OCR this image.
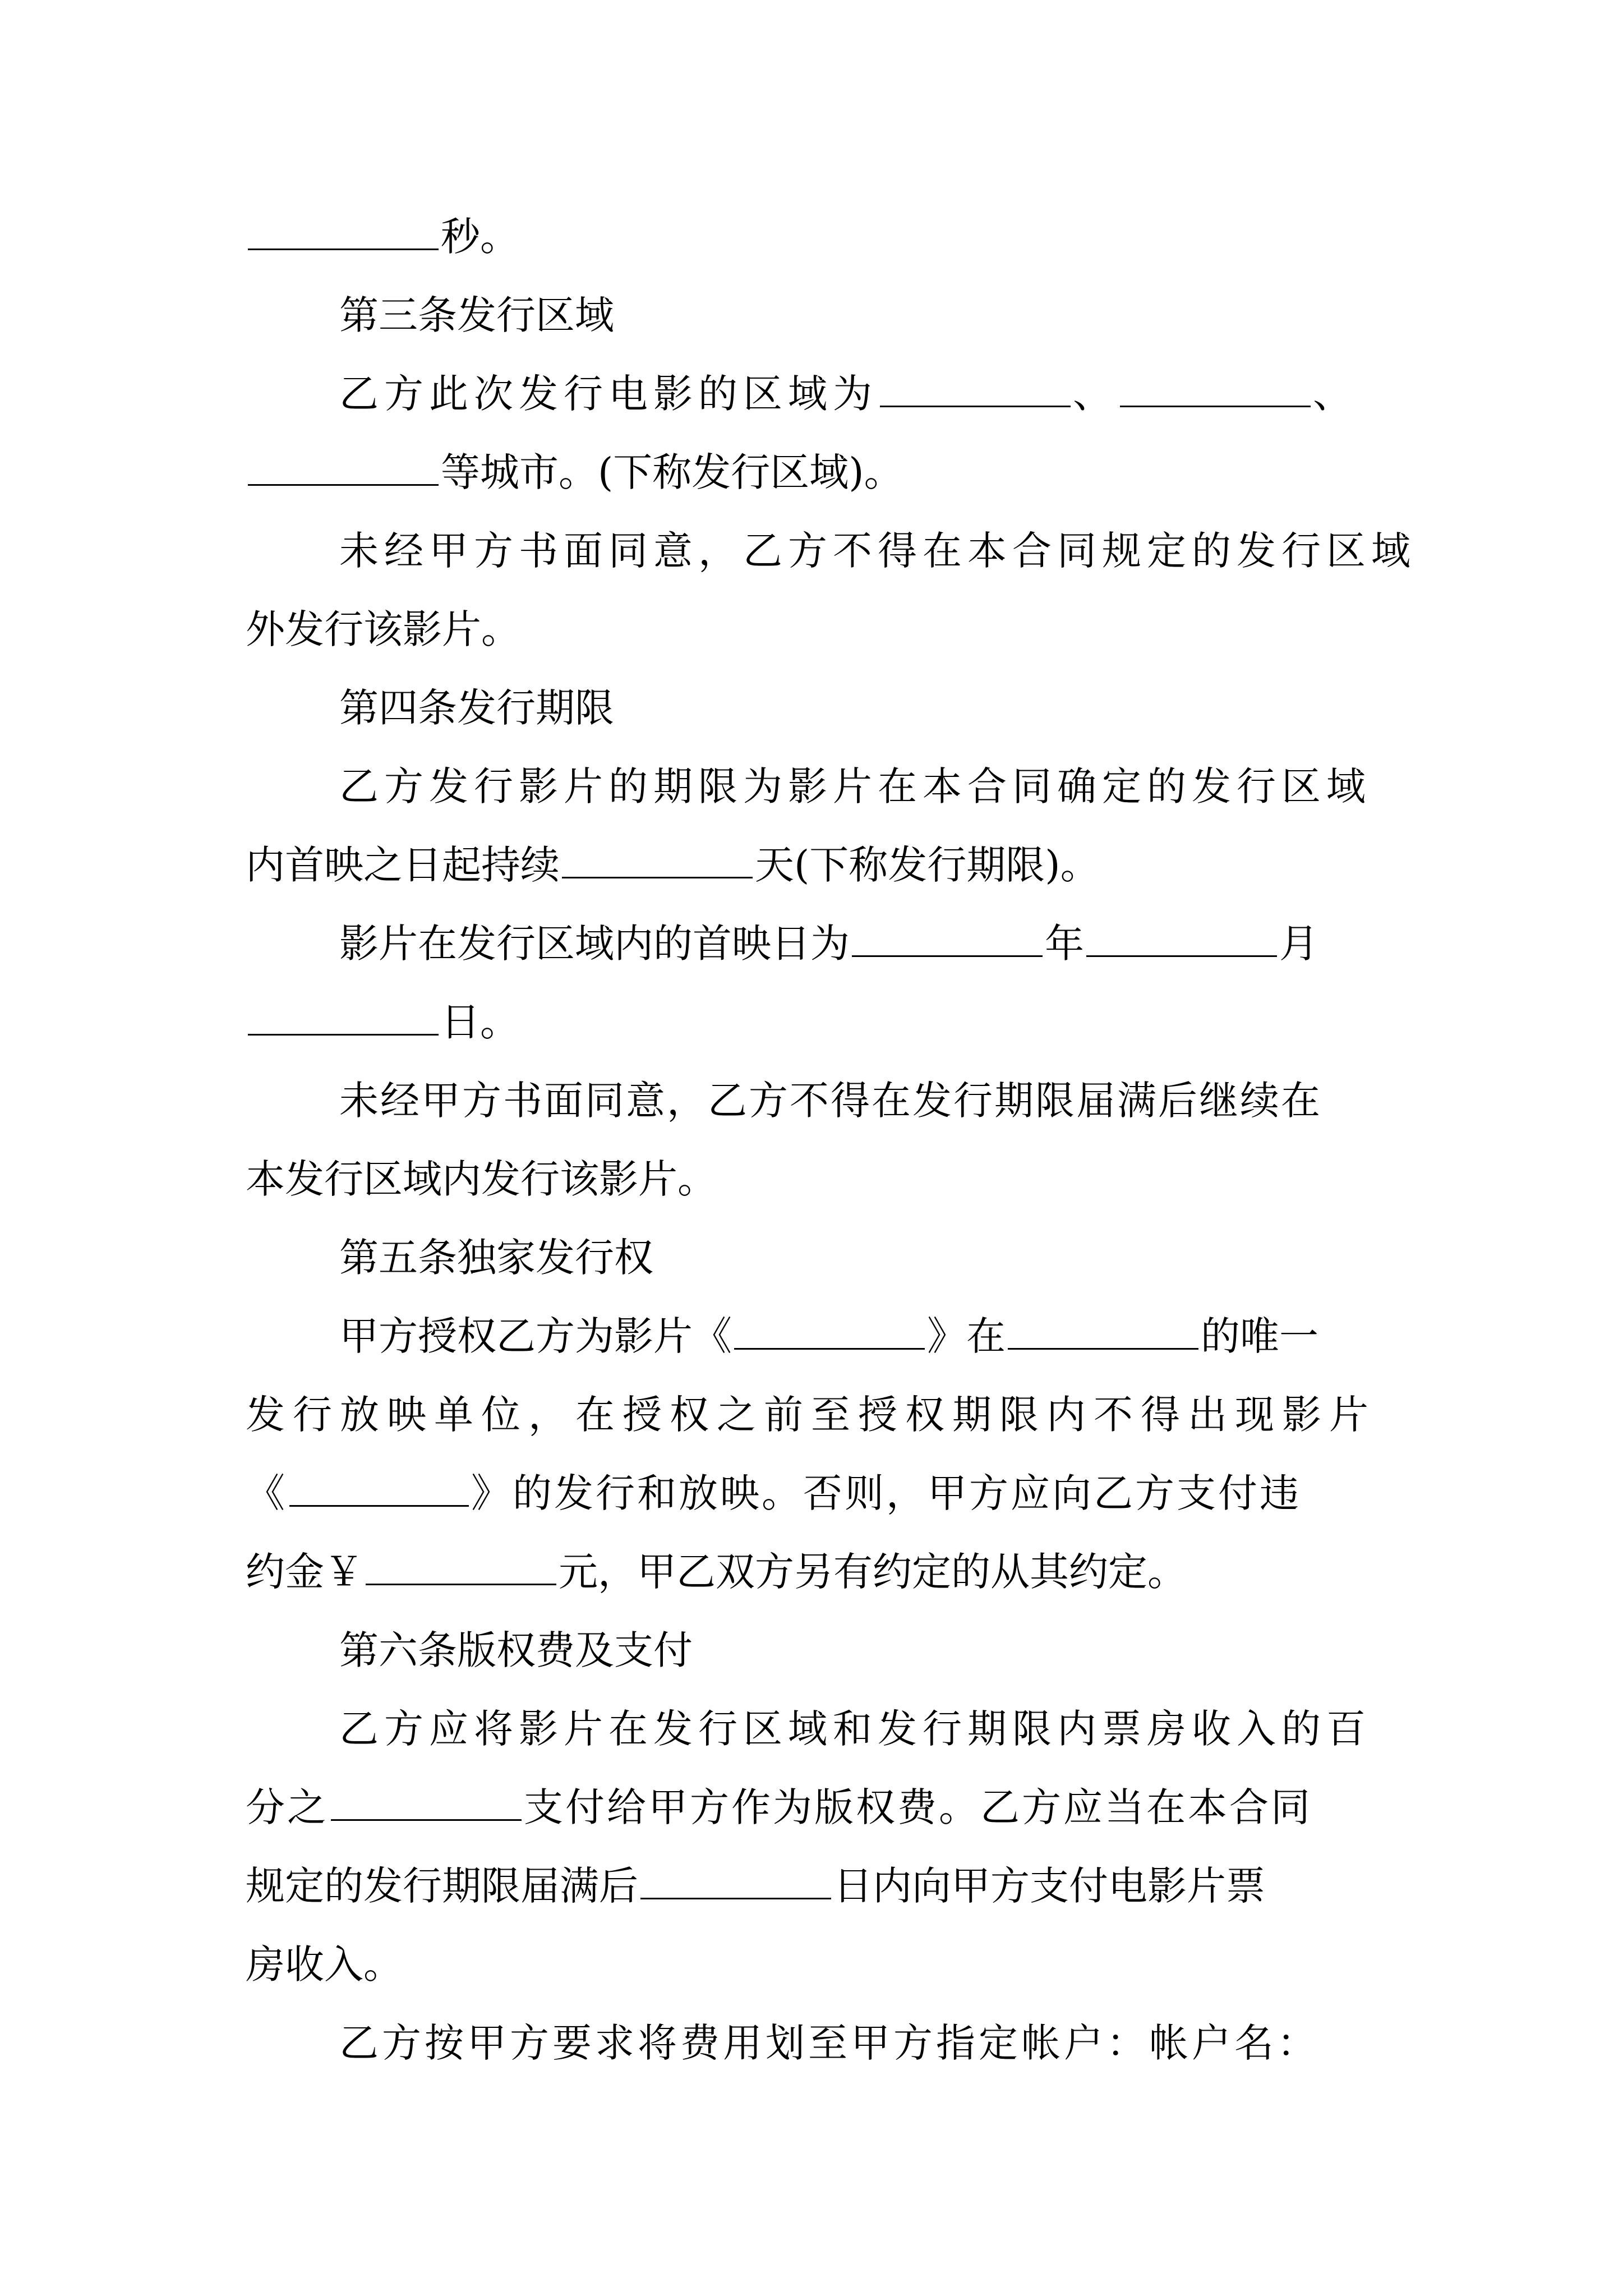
秒。
第三条发行区域
乙方此次发行电影的区域为	、	、
等城市。(下称发行区域)。
未经甲方书面同意，乙方不得在本合同规定的发行区域
外发行该影片。
第四条发行期限
乙方发行影片的期限为影片在本合同确定的发行区域
内首映之日起持续	天(下称发行期限)。
影片在发行区域内的首映日为	年	月
日。
未经甲方书面同意，乙方不得在发行期限届满后继续在
本发行区域内发行该影片。
第五条独家发行权
甲方授权乙方为影片《	》在	的唯一
发行放映单位，在授权之前至授权期限内不得出现影片
《	》的发行和放映。否则，甲方应向乙方支付违
约金￥	元，甲乙双方另有约定的从其约定。
第六条版权费及支付
乙方应将影片在发行区域和发行期限内票房收入的百
分之	支付给甲方作为版权费。乙方应当在本合同
规定的发行期限届满后	日内向甲方支付电影片票
房收入。
乙方按甲方要求将费用划至甲方指定帐户：帐户名：
